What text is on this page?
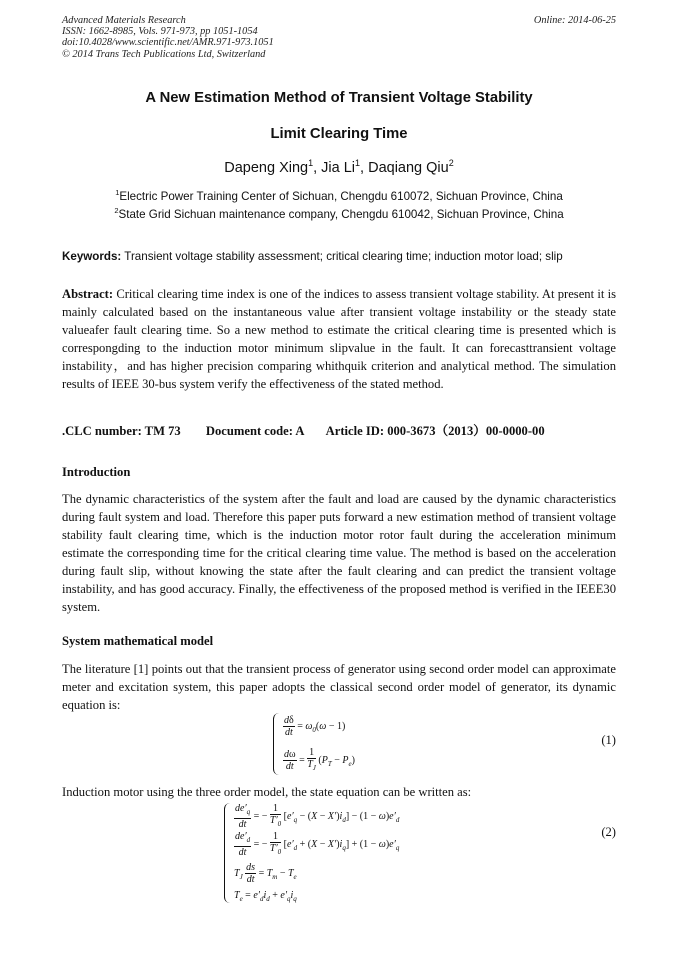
Advanced Materials Research
ISSN: 1662-8985, Vols. 971-973, pp 1051-1054
doi:10.4028/www.scientific.net/AMR.971-973.1051
© 2014 Trans Tech Publications Ltd, Switzerland
Online: 2014-06-25
A New Estimation Method of Transient Voltage Stability
Limit Clearing Time
Dapeng Xing$^1$, Jia Li$^1$, Daqiang Qiu$^2$
$^1$Electric Power Training Center of Sichuan, Chengdu 610072, Sichuan Province, China
$^2$State Grid Sichuan maintenance company, Chengdu 610042, Sichuan Province, China
Keywords: Transient voltage stability assessment; critical clearing time; induction motor load; slip

Abstract: Critical clearing time index is one of the indices to assess transient voltage stability. At present it is mainly calculated based on the instantaneous value after transient voltage instability or the steady state valueafer fault clearing time. So a new method to estimate the critical clearing time is presented which is correspongding to the induction motor minimum slipvalue in the fault. It can forecasttransient voltage instability，and has higher precision comparing whithquik criterion and analytical method. The simulation results of IEEE 30-bus system verify the effectiveness of the stated method.

.CLC number: TM 73 Document code: A Article ID: 000-3673（2013）00-0000-00
Introduction

The dynamic characteristics of the system after the fault and load are caused by the dynamic characteristics during fault system and load. Therefore this paper puts forward a new estimation method of transient voltage stability fault clearing time, which is the induction motor rotor fault during the acceleration minimum estimate the corresponding time for the critical clearing time value. The method is based on the acceleration during fault slip, without knowing the state after the fault clearing and can predict the transient voltage instability, and has good accuracy. Finally, the effectiveness of the proposed method is verified in the IEEE30 system.

System mathematical model

The literature [1] points out that the transient process of generator using second order model can approximate meter and excitation system, this paper adopts the classical second order model of generator, its dynamic equation is:

$\frac{d\delta}{dt} = \omega_0(\omega - 1)$
$\frac{d\omega}{dt} = \frac{1}{T_J} (P_T - P_e)$
(1)

Induction motor using the three order model, the state equation can be written as:

$\frac{de'_q}{dt}$ = − $\frac{1}{T'_0} [e'_q - (X - X')i_d] - (1 - \omega)e'_d$
$\frac{de'_d}{dt}$ = − $\frac{1}{T'_0} [e'_d + (X - X')i_q] + (1 - \omega)e'_q$
$T_J \frac{ds}{dt} = T_m - T_e$
$T_e = e'_di_d + e'_qi_q$
(2)
